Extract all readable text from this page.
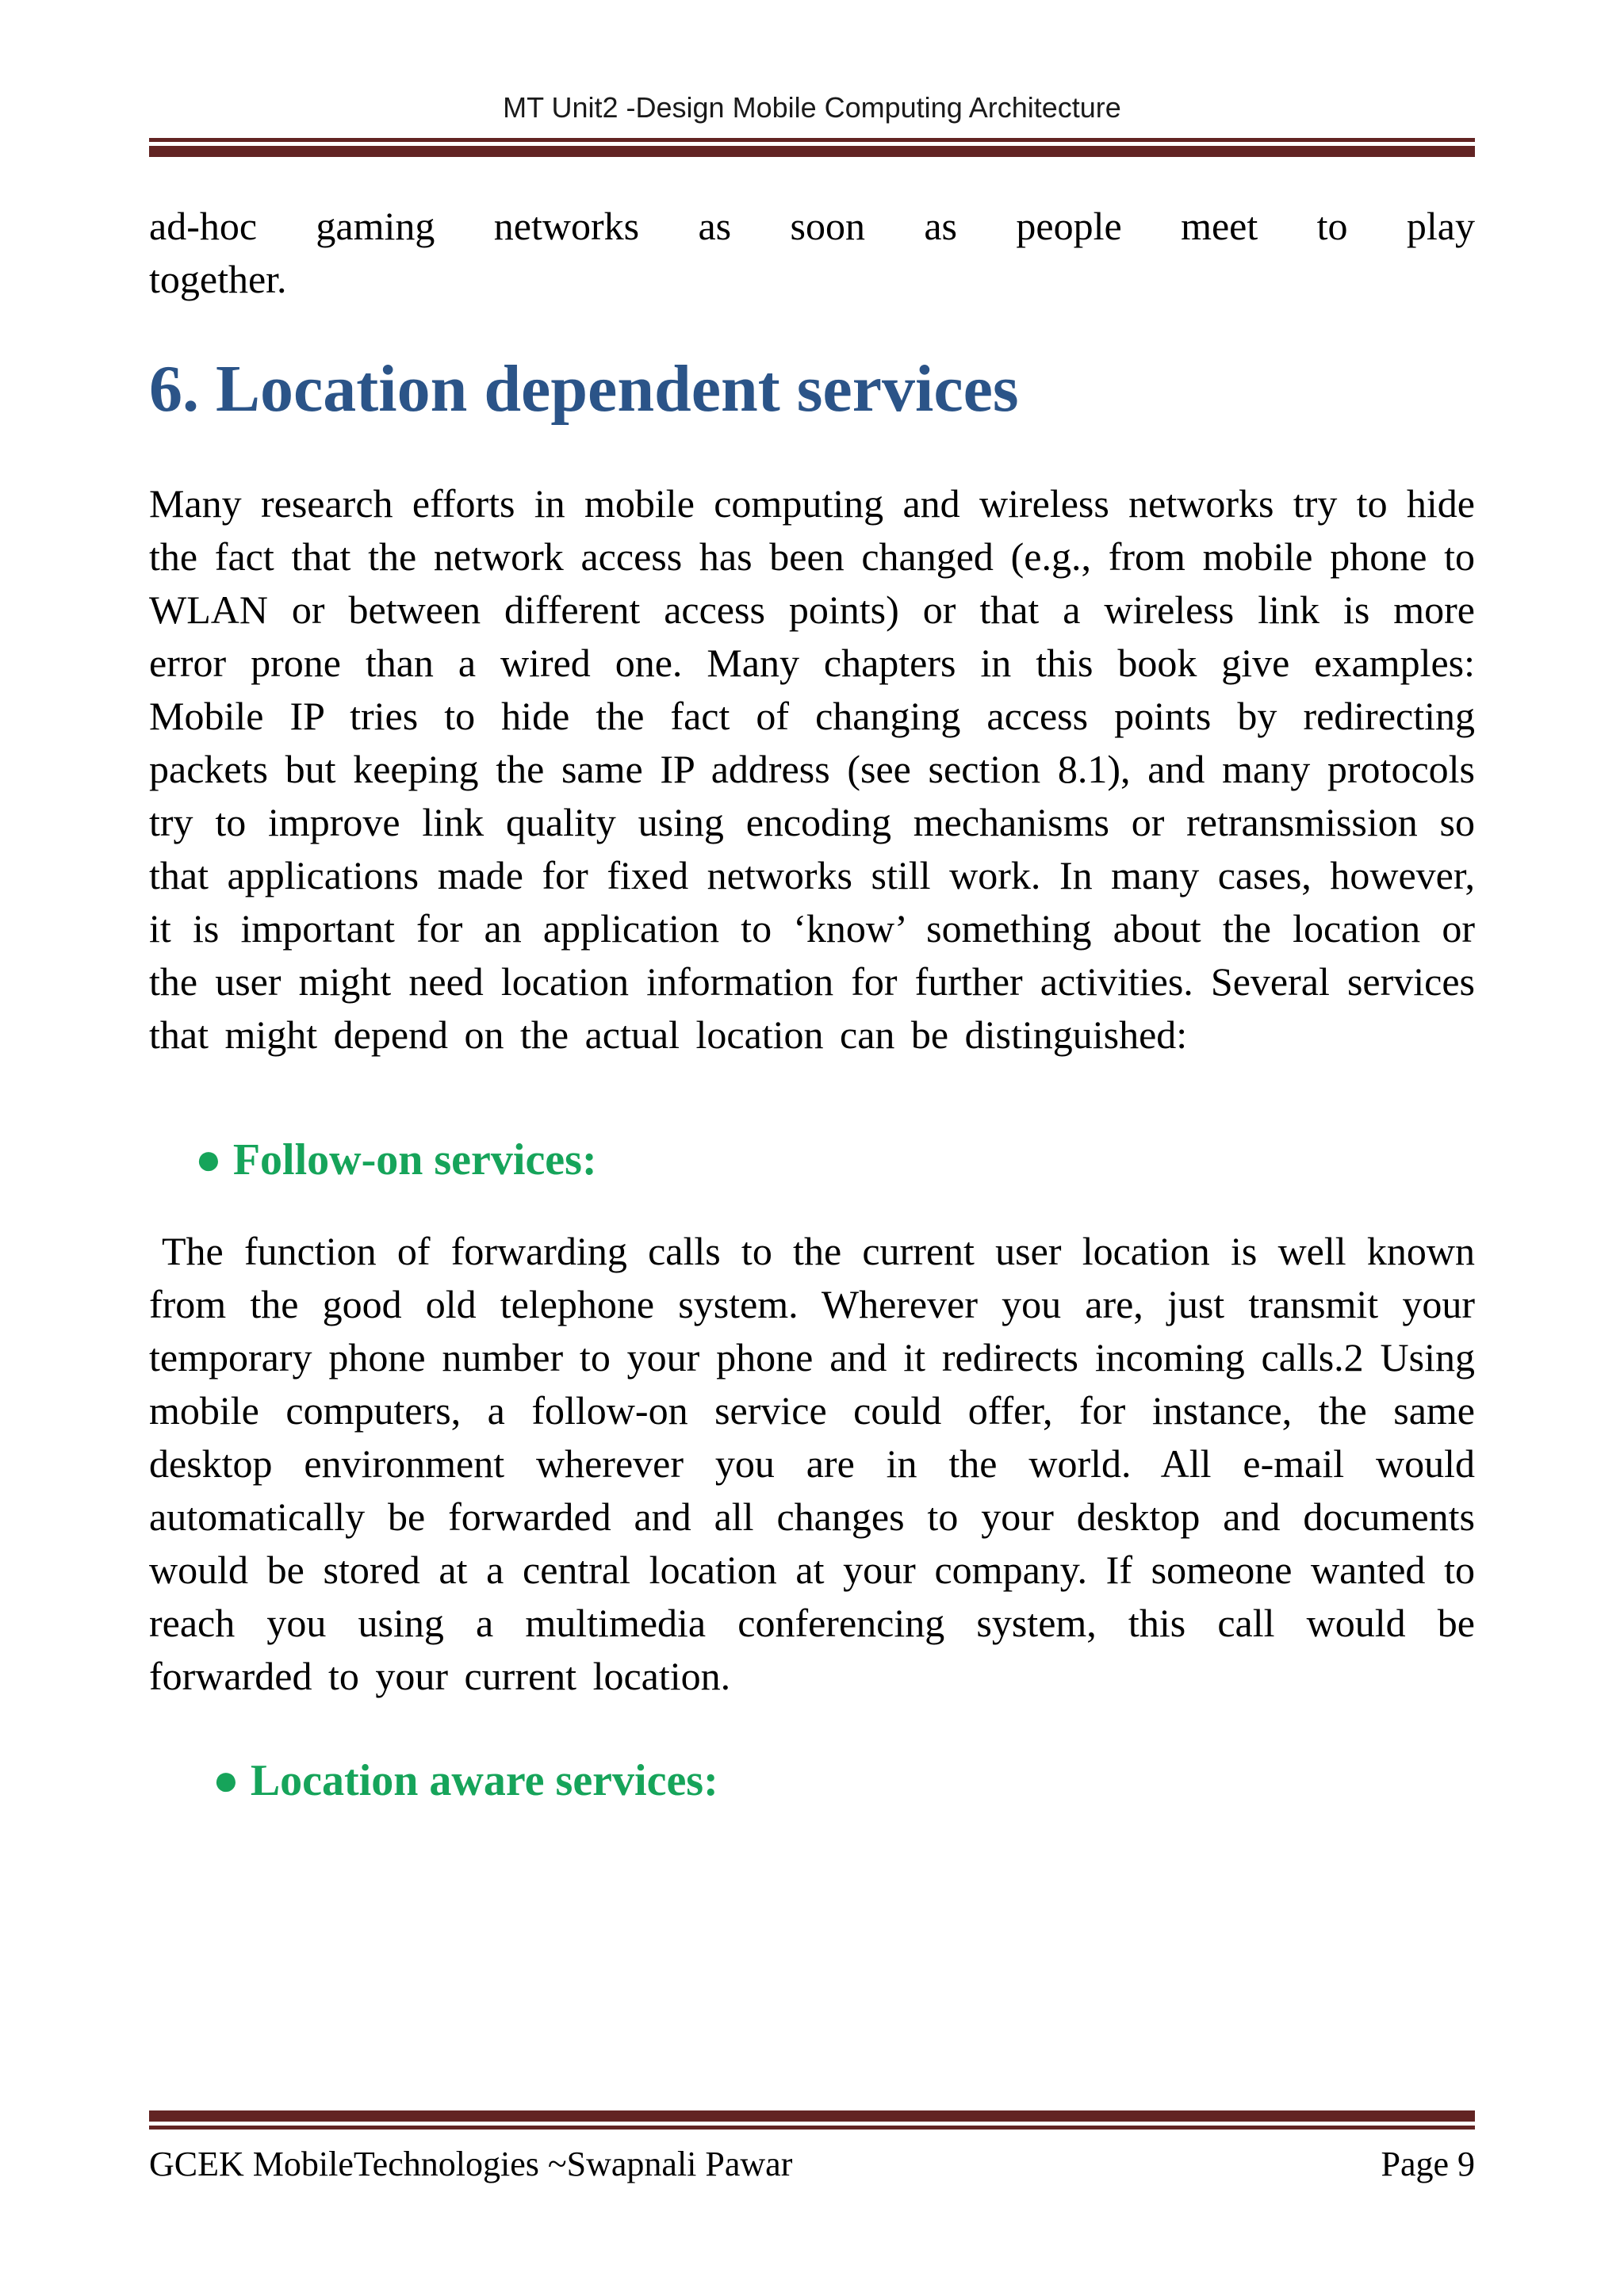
MT Unit2 -Design Mobile Computing Architecture

ad-hoc gaming networks as soon as people meet to play
together.

6. Location dependent services

Many research efforts in mobile computing and wireless networks try to hide the fact that the network access has been changed (e.g., from mobile phone to WLAN or between different access points) or that a wireless link is more error prone than a wired one. Many chapters in this book give examples: Mobile IP tries to hide the fact of changing access points by redirecting packets but keeping the same IP address (see section 8.1), and many protocols try to improve link quality using encoding mechanisms or retransmission so that applications made for fixed networks still work. In many cases, however, it is important for an application to ‘know’ something about the location or the user might need location information for further activities. Several services that might depend on the actual location can be distinguished:

● Follow-on services:

The function of forwarding calls to the current user location is well known from the good old telephone system. Wherever you are, just transmit your temporary phone number to your phone and it redirects incoming calls.2 Using mobile computers, a follow-on service could offer, for instance, the same desktop environment wherever you are in the world. All e-mail would automatically be forwarded and all changes to your desktop and documents would be stored at a central location at your company. If someone wanted to reach you using a multimedia conferencing system, this call would be forwarded to your current location.

● Location aware services:
GCEK MobileTechnologies ~Swapnali Pawar	Page 9
